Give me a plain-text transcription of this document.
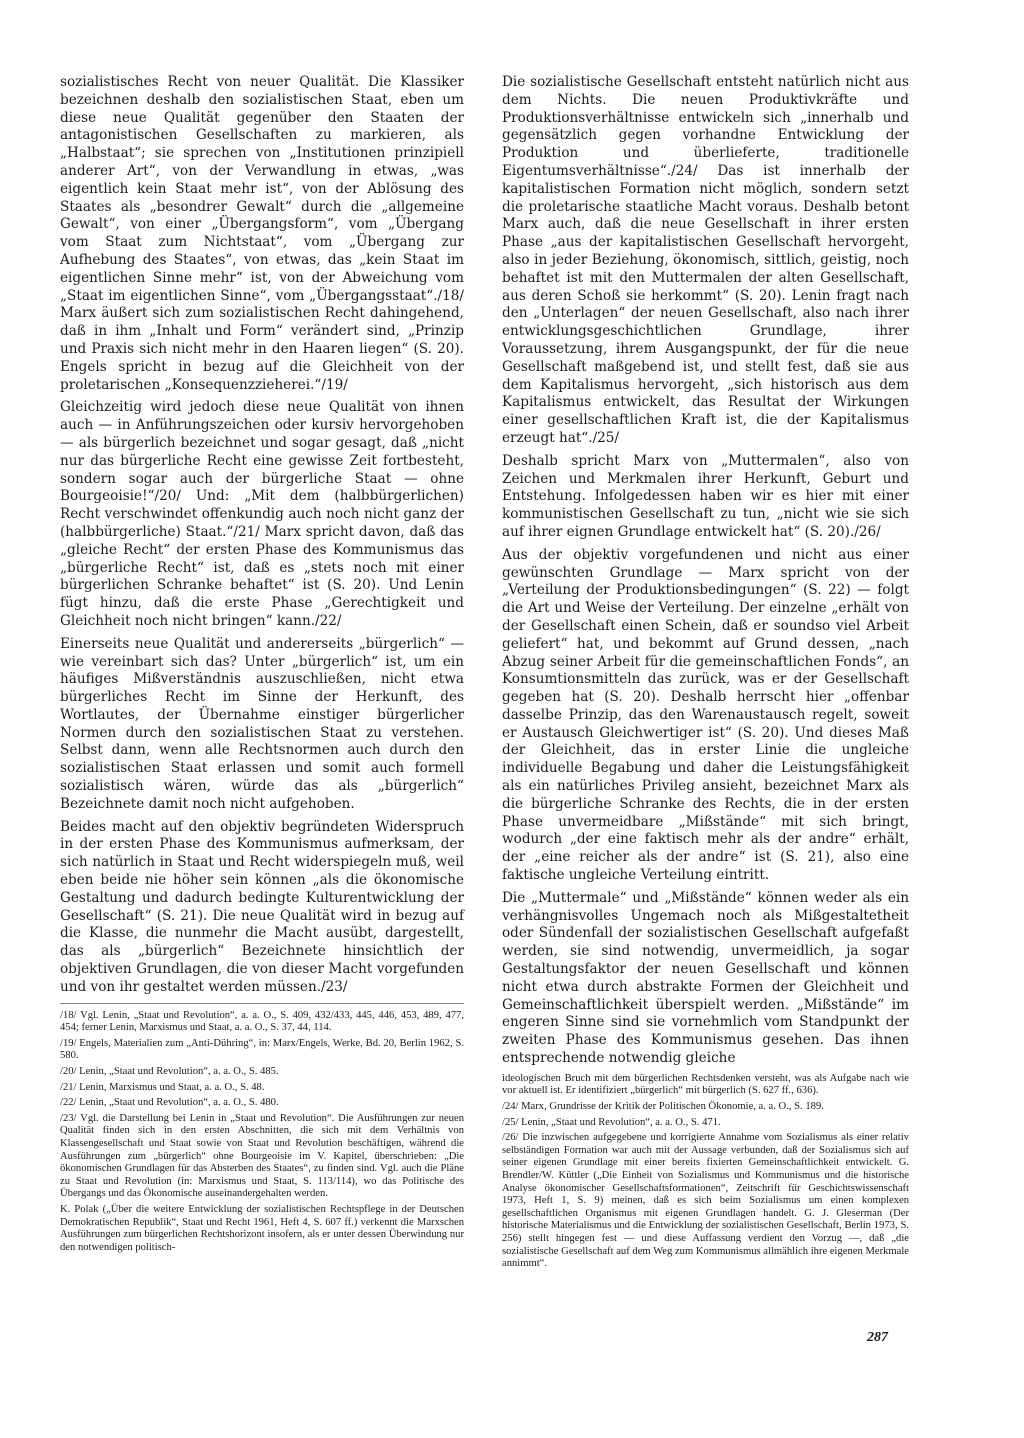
sozialistisches Recht von neuer Qualität. Die Klassiker bezeichnen deshalb den sozialistischen Staat, eben um diese neue Qualität gegenüber den Staaten der antagonistischen Gesellschaften zu markieren, als „Halbstaat“; sie sprechen von „Institutionen prinzipiell anderer Art“, von der Verwandlung in etwas, „was eigentlich kein Staat mehr ist“, von der Ablösung des Staates als „besondrer Gewalt“ durch die „allgemeine Gewalt“, von einer „Übergangsform“, vom „Übergang vom Staat zum Nichtstaat“, vom „Übergang zur Aufhebung des Staates“, von etwas, das „kein Staat im eigentlichen Sinne mehr“ ist, von der Abweichung vom „Staat im eigentlichen Sinne“, vom „Übergangsstaat“./18/ Marx äußert sich zum sozialistischen Recht dahingehend, daß in ihm „Inhalt und Form“ verändert sind, „Prinzip und Praxis sich nicht mehr in den Haaren liegen“ (S. 20). Engels spricht in bezug auf die Gleichheit von der proletarischen „Konsequenzzieherei.“/19/

Gleichzeitig wird jedoch diese neue Qualität von ihnen auch — in Anführungszeichen oder kursiv hervorgehoben — als bürgerlich bezeichnet und sogar gesagt, daß „nicht nur das bürgerliche Recht eine gewisse Zeit fortbesteht, sondern sogar auch der bürgerliche Staat — ohne Bourgeoisie!“/20/ Und: „Mit dem (halbbürgerlichen) Recht verschwindet offenkundig auch noch nicht ganz der (halbbürgerliche) Staat.“/21/ Marx spricht davon, daß das „gleiche Recht“ der ersten Phase des Kommunismus das „bürgerliche Recht“ ist, daß es „stets noch mit einer bürgerlichen Schranke behaftet“ ist (S. 20). Und Lenin fügt hinzu, daß die erste Phase „Gerechtigkeit und Gleichheit noch nicht bringen“ kann./22/

Einerseits neue Qualität und andererseits „bürgerlich“ — wie vereinbart sich das? Unter „bürgerlich“ ist, um ein häufiges Mißverständnis auszuschließen, nicht etwa bürgerliches Recht im Sinne der Herkunft, des Wortlautes, der Übernahme einstiger bürgerlicher Normen durch den sozialistischen Staat zu verstehen. Selbst dann, wenn alle Rechtsnormen auch durch den sozialistischen Staat erlassen und somit auch formell sozialistisch wären, würde das als „bürgerlich“ Bezeichnete damit noch nicht aufgehoben.

Beides macht auf den objektiv begründeten Widerspruch in der ersten Phase des Kommunismus aufmerksam, der sich natürlich in Staat und Recht widerspiegeln muß, weil eben beide nie höher sein können „als die ökonomische Gestaltung und dadurch bedingte Kulturentwicklung der Gesellschaft“ (S. 21). Die neue Qualität wird in bezug auf die Klasse, die nunmehr die Macht ausübt, dargestellt, das als „bürgerlich“ Bezeichnete hinsichtlich der objektiven Grundlagen, die von dieser Macht vorgefunden und von ihr gestaltet werden müssen./23/

/18/ Vgl. Lenin, „Staat und Revolution“, a. a. O., S. 409, 432/433, 445, 446, 453, 489, 477, 454; ferner Lenin, Marxismus und Staat, a. a. O., S. 37, 44, 114.

/19/ Engels, Materialien zum „Anti-Dühring“, in: Marx/Engels, Werke, Bd. 20, Berlin 1962, S. 580.

/20/ Lenin, „Staat und Revolution“, a. a. O., S. 485.

/21/ Lenin, Marxismus und Staat, a. a. O., S. 48.

/22/ Lenin, „Staat und Revolution“, a. a. O., S. 480.

/23/ Vgl. die Darstellung bei Lenin in „Staat und Revolution“. Die Ausführungen zur neuen Qualität finden sich in den ersten Abschnitten, die sich mit dem Verhältnis von Klassengesellschaft und Staat sowie von Staat und Revolution beschäftigen, während die Ausführungen zum „bürgerlich“ ohne Bourgeoisie im V. Kapitel, überschrieben: „Die ökonomischen Grundlagen für das Absterben des Staates“, zu finden sind. Vgl. auch die Pläne zu Staat und Revolution (in: Marxismus und Staat, S. 113/114), wo das Politische des Übergangs und das Ökonomische auseinandergehalten werden.

K. Polak („Über die weitere Entwicklung der sozialistischen Rechtspflege in der Deutschen Demokratischen Republik“, Staat und Recht 1961, Heft 4, S. 607 ff.) verkennt die Marxschen Ausführungen zum bürgerlichen Rechtshorizont insofern, als er unter dessen Überwindung nur den notwendigen politisch-

Die sozialistische Gesellschaft entsteht natürlich nicht aus dem Nichts. Die neuen Produktivkräfte und Produktionsverhältnisse entwickeln sich „innerhalb und gegensätzlich gegen vorhandne Entwicklung der Produktion und überlieferte, traditionelle Eigentumsverhältnisse“./24/ Das ist innerhalb der kapitalistischen Formation nicht möglich, sondern setzt die proletarische staatliche Macht voraus. Deshalb betont Marx auch, daß die neue Gesellschaft in ihrer ersten Phase „aus der kapitalistischen Gesellschaft hervorgeht, also in jeder Beziehung, ökonomisch, sittlich, geistig, noch behaftet ist mit den Muttermalen der alten Gesellschaft, aus deren Schoß sie herkommt“ (S. 20). Lenin fragt nach den „Unterlagen“ der neuen Gesellschaft, also nach ihrer entwicklungsgeschichtlichen Grundlage, ihrer Voraussetzung, ihrem Ausgangspunkt, der für die neue Gesellschaft maßgebend ist, und stellt fest, daß sie aus dem Kapitalismus hervorgeht, „sich historisch aus dem Kapitalismus entwickelt, das Resultat der Wirkungen einer gesellschaftlichen Kraft ist, die der Kapitalismus erzeugt hat“./25/

Deshalb spricht Marx von „Muttermalen“, also von Zeichen und Merkmalen ihrer Herkunft, Geburt und Entstehung. Infolgedessen haben wir es hier mit einer kommunistischen Gesellschaft zu tun, „nicht wie sie sich auf ihrer eignen Grundlage entwickelt hat“ (S. 20)./26/

Aus der objektiv vorgefundenen und nicht aus einer gewünschten Grundlage — Marx spricht von der „Verteilung der Produktionsbedingungen“ (S. 22) — folgt die Art und Weise der Verteilung. Der einzelne „erhält von der Gesellschaft einen Schein, daß er soundso viel Arbeit geliefert“ hat, und bekommt auf Grund dessen, „nach Abzug seiner Arbeit für die gemeinschaftlichen Fonds“, an Konsumtionsmitteln das zurück, was er der Gesellschaft gegeben hat (S. 20). Deshalb herrscht hier „offenbar dasselbe Prinzip, das den Warenaustausch regelt, soweit er Austausch Gleichwertiger ist“ (S. 20). Und dieses Maß der Gleichheit, das in erster Linie die ungleiche individuelle Begabung und daher die Leistungsfähigkeit als ein natürliches Privileg ansieht, bezeichnet Marx als die bürgerliche Schranke des Rechts, die in der ersten Phase unvermeidbare „Mißstände“ mit sich bringt, wodurch „der eine faktisch mehr als der andre“ erhält, der „eine reicher als der andre“ ist (S. 21), also eine faktische ungleiche Verteilung eintritt.

Die „Muttermale“ und „Mißstände“ können weder als ein verhängnisvolles Ungemach noch als Mißgestaltetheit oder Sündenfall der sozialistischen Gesellschaft aufgefaßt werden, sie sind notwendig, unvermeidlich, ja sogar Gestaltungsfaktor der neuen Gesellschaft und können nicht etwa durch abstrakte Formen der Gleichheit und Gemeinschaftlichkeit überspielt werden. „Mißstände“ im engeren Sinne sind sie vornehmlich vom Standpunkt der zweiten Phase des Kommunismus gesehen. Das ihnen entsprechende notwendig gleiche

ideologischen Bruch mit dem bürgerlichen Rechtsdenken versteht, was als Aufgabe nach wie vor aktuell ist. Er identifiziert „bürgerlich“ mit bürgerlich (S. 627 ff., 636).

/24/ Marx, Grundrisse der Kritik der Politischen Ökonomie, a. a. O., S. 189.

/25/ Lenin, „Staat und Revolution“, a. a. O., S. 471.

/26/ Die inzwischen aufgegebene und korrigierte Annahme vom Sozialismus als einer relativ selbständigen Formation war auch mit der Aussage verbunden, daß der Sozialismus sich auf seiner eigenen Grundlage mit einer bereits fixierten Gemeinschaftlichkeit entwickelt. G. Brendler/W. Küttler („Die Einheit von Sozialismus und Kommunismus und die historische Analyse ökonomischer Gesellschaftsformationen“, Zeitschrift für Geschichtswissenschaft 1973, Heft 1, S. 9) meinen, daß es sich beim Sozialismus um einen komplexen gesellschaftlichen Organismus mit eigenen Grundlagen handelt. G. J. Gleserman (Der historische Materialismus und die Entwicklung der sozialistischen Gesellschaft, Berlin 1973, S. 256) stellt hingegen fest — und diese Auffassung verdient den Vorzug —, daß „die sozialistische Gesellschaft auf dem Weg zum Kommunismus allmählich ihre eigenen Merkmale annimmt“.

287
